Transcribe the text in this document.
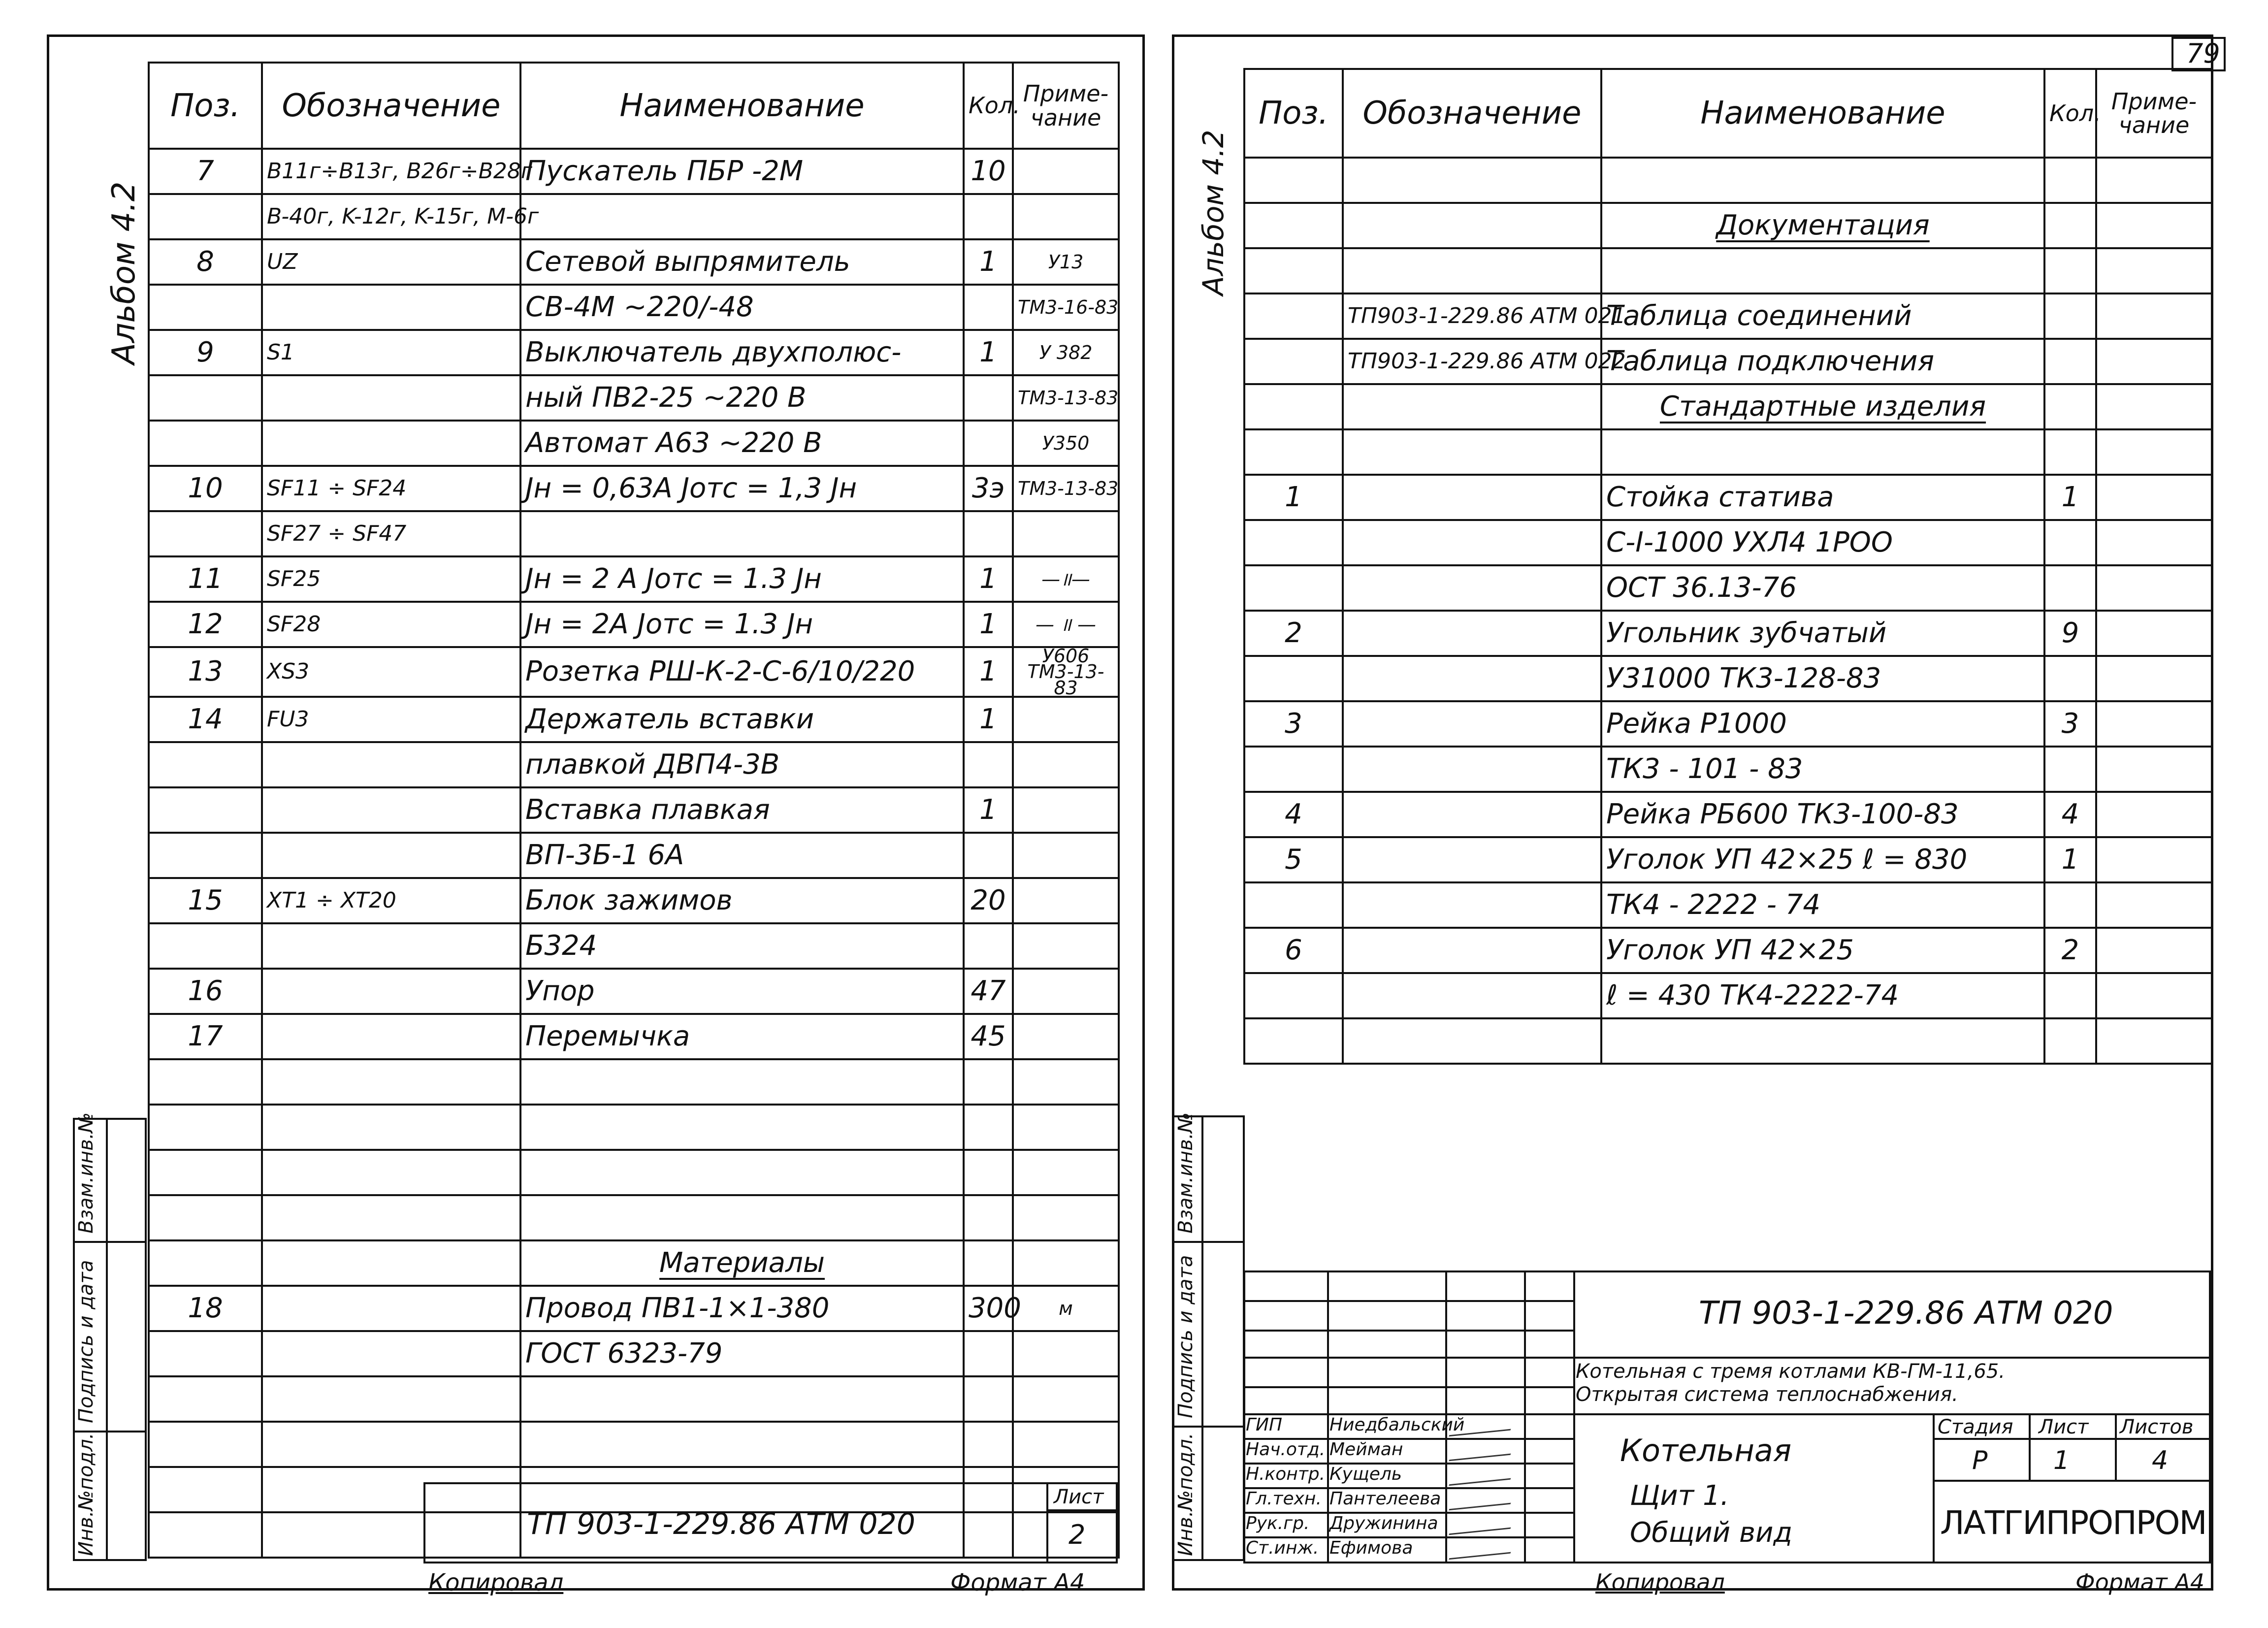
79
Альбом 4.2
Поз.	Обозначение	Наименование	Кол.	Приме-
чание
7	B11г÷B13г, B26г÷B28г	Пускатель ПБР -2М	10	
	B-40г, K-12г, K-15г, M-6г			
8	UZ	Сетевой выпрямитель	1	У13
		СВ-4М ~220/-48		ТМ3-16-83
9	S1	Выключатель двухполюс-	1	У 382
		ный ПВ2-25 ~220 В		ТМ3-13-83
		Автомат А63 ~220 В		У350
10	SF11 ÷ SF24	Jн = 0,63А Jотс = 1,3 Jн	3э	ТМ3-13-83
	SF27 ÷ SF47			
11	SF25	Jн = 2 А Jотс = 1.3 Jн	1	—॥—
12	SF28	Jн = 2А Jотс = 1.3 Jн	1	— ॥ —
13	XS3	Розетка РШ-К-2-С-6/10/220	1	У606
ТМ3-13-83
14	FU3	Держатель вставки	1	
		плавкой ДВП4-3В		
		Вставка плавкая	1	
		ВП-3Б-1 6А		
15	XT1 ÷ XT20	Блок зажимов	20	
		Б324		
16		Упор	47	
17		Перемычка	45	

		Материалы		
18		Провод ПВ1-1×1-380	300	м
		ГОСТ 6323-79		

Инв.№подл.
Подпись и дата
Взам.инв.№
ТП 903-1-229.86 АТМ 020
Лист
2
Копировал	Формат А4
Альбом 4.2
Поз.	Обозначение	Наименование	Кол.	Приме-
чание

		Документация		

	ТП903-1-229.86 АТМ 021	Таблица соединений		
	ТП903-1-229.86 АТМ 022	Таблица подключения		
		Стандартные изделия		

1		Стойка статива	1	
		С-I-1000 УХЛ4 1РОО		
		ОСТ 36.13-76		
2		Угольник зубчатый	9	
		У31000 ТК3-128-83		
3		Рейка Р1000	3	
		ТК3 - 101 - 83		
4		Рейка РБ600 ТК3-100-83	4	
5		Уголок УП 42×25 ℓ = 830	1	
		ТК4 - 2222 - 74		
6		Уголок УП 42×25	2	
		ℓ = 430 ТК4-2222-74		

Инв.№подл.
Подпись и дата
Взам.инв.№
ГИП	Ниедбальский
Нач.отд. Мейман
Н.контр. Кущель
Гл.техн. Пантелеева
Рук.гр. Дружинина
Ст.инж. Ефимова
ТП 903-1-229.86 АТМ 020
Котельная с тремя котлами КВ-ГМ-11,65.
Открытая система теплоснабжения.
Котельная
Щит 1.
Общий вид
Стадия Лист Листов
Р	1	4
ЛАТГИПРОПРОМ
Копировал	Формат А4
